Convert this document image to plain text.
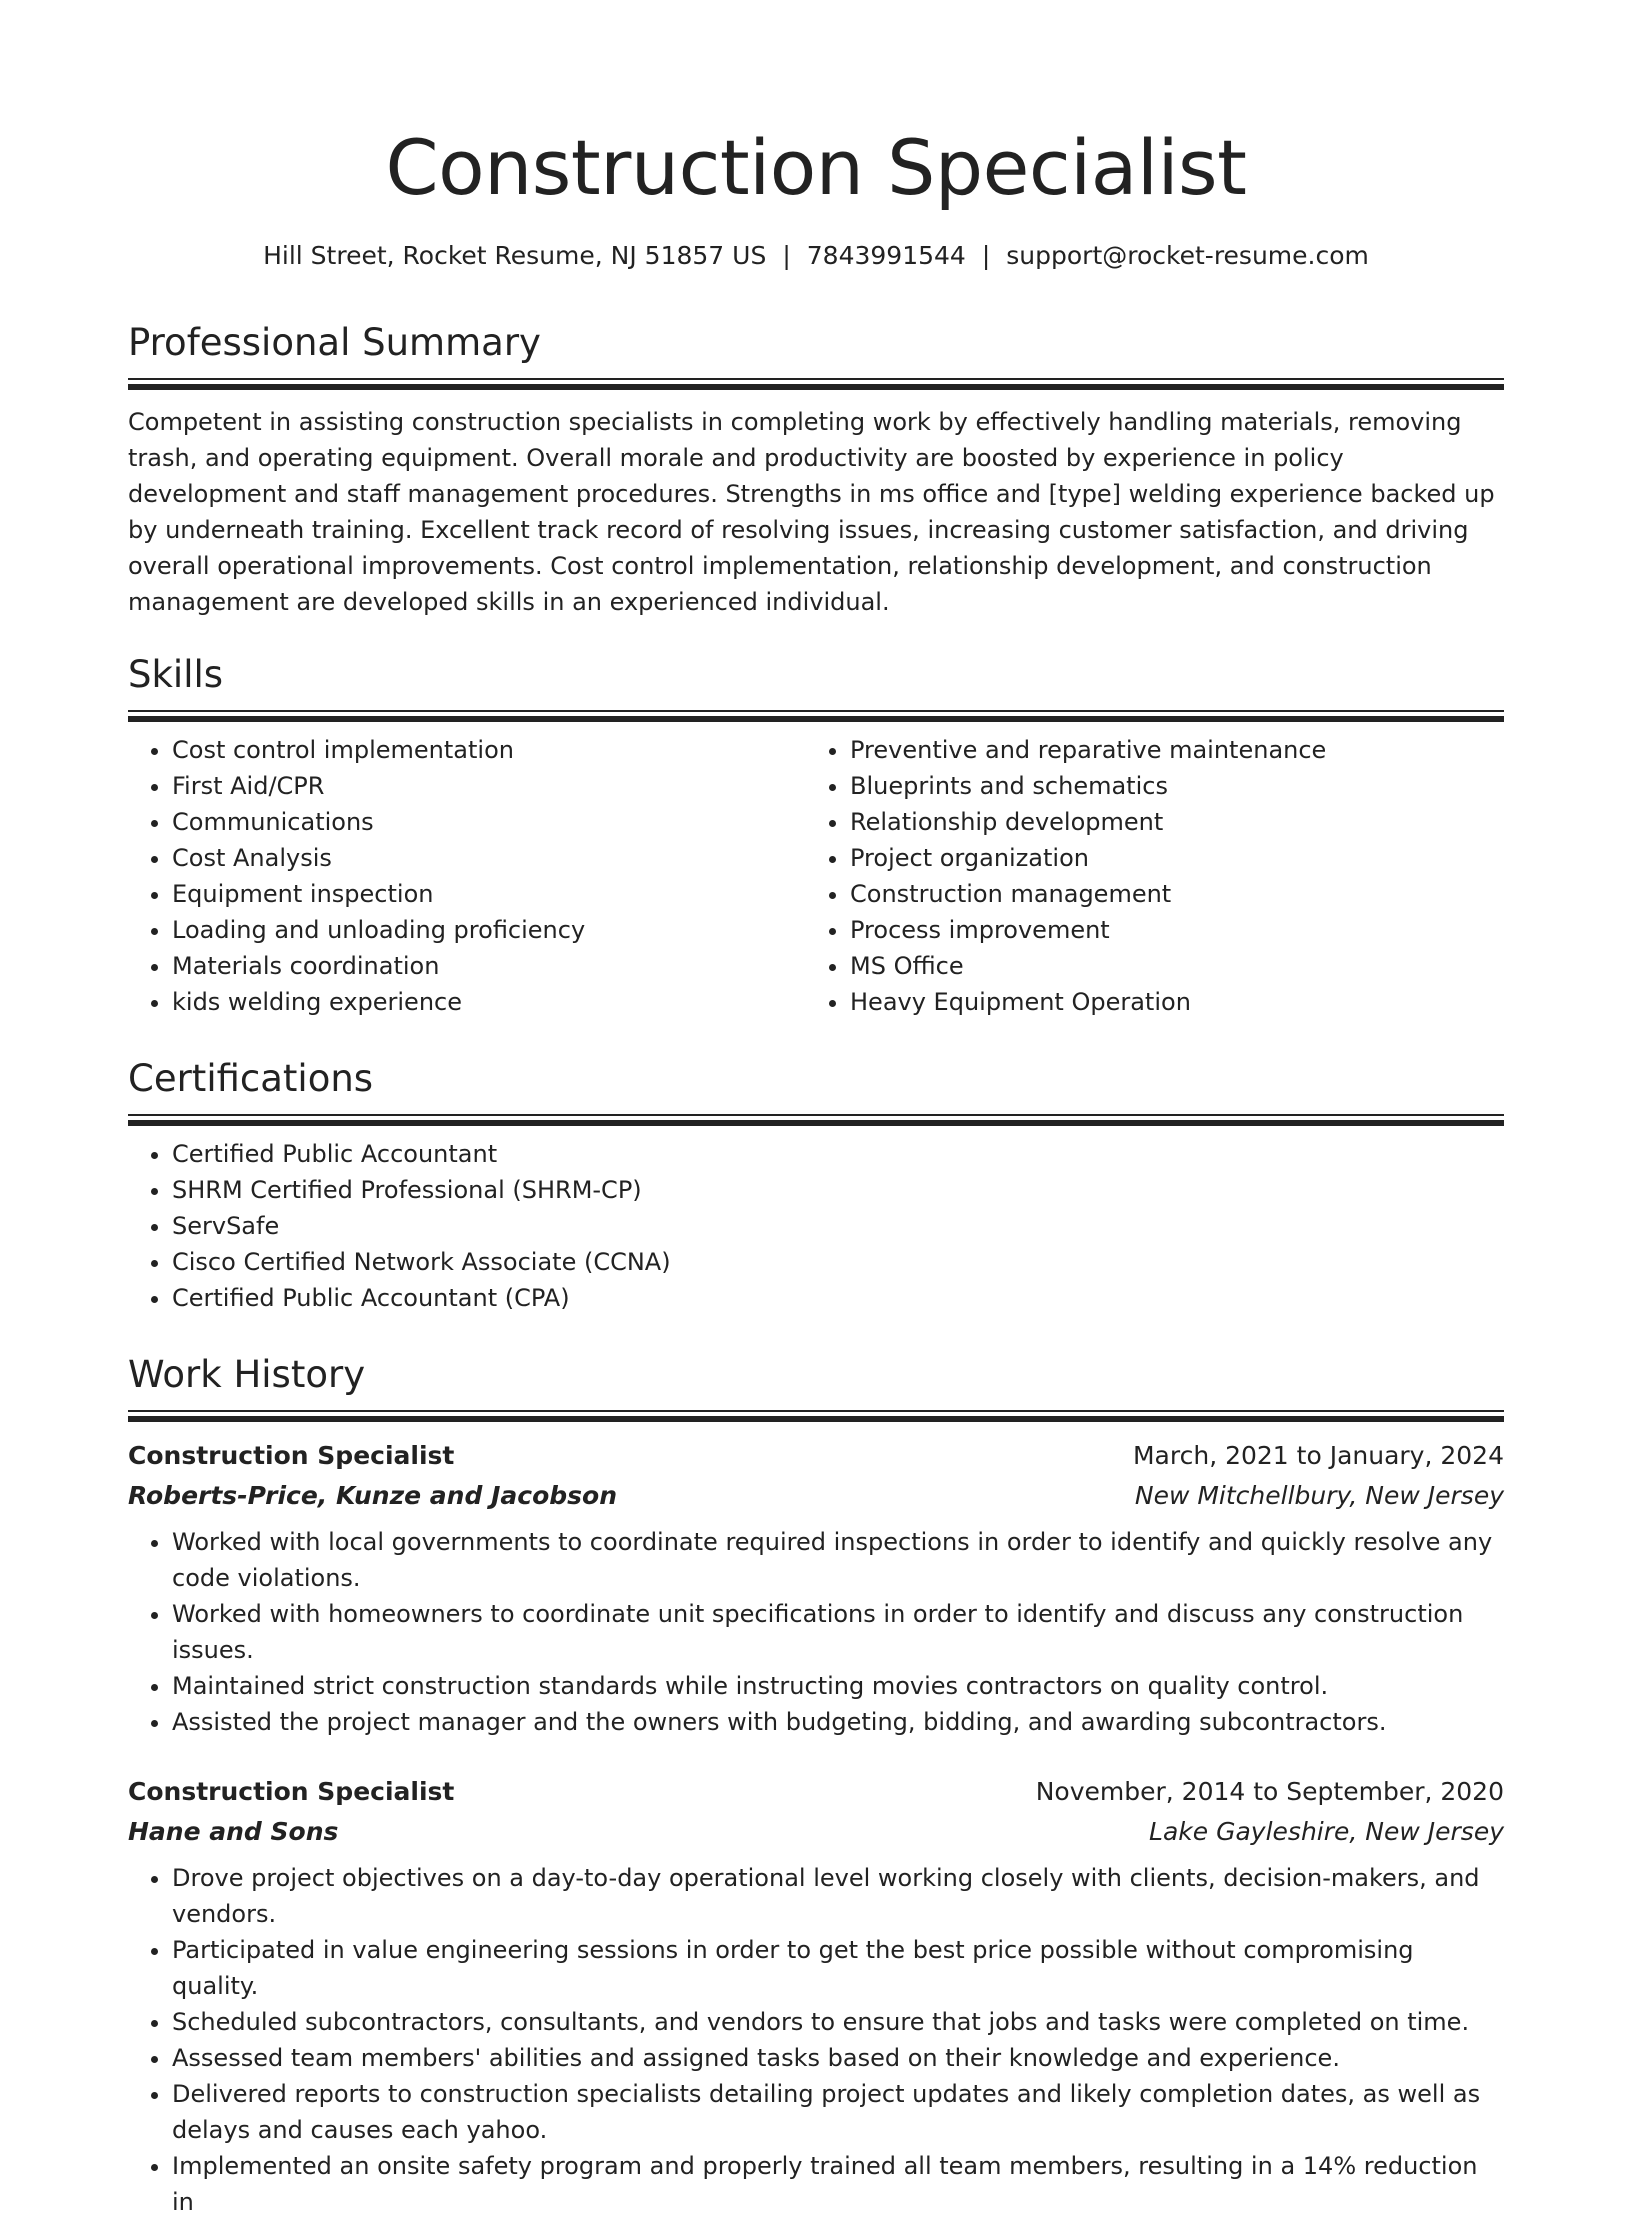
Construction Specialist
Hill Street, Rocket Resume, NJ 51857 US | 7843991544 | support@rocket-resume.com
Professional Summary
Competent in assisting construction specialists in completing work by effectively handling materials, removing trash, and operating equipment. Overall morale and productivity are boosted by experience in policy development and staff management procedures. Strengths in ms office and [type] welding experience backed up by underneath training. Excellent track record of resolving issues, increasing customer satisfaction, and driving overall operational improvements. Cost control implementation, relationship development, and construction management are developed skills in an experienced individual.
Skills
• Cost control implementation
• First Aid/CPR
• Communications
• Cost Analysis
• Equipment inspection
• Loading and unloading proficiency
• Materials coordination
• kids welding experience
• Preventive and reparative maintenance
• Blueprints and schematics
• Relationship development
• Project organization
• Construction management
• Process improvement
• MS Office
• Heavy Equipment Operation
Certifications
• Certified Public Accountant
• SHRM Certified Professional (SHRM-CP)
• ServSafe
• Cisco Certified Network Associate (CCNA)
• Certified Public Accountant (CPA)
Work History
Construction Specialist	March, 2021 to January, 2024
Roberts-Price, Kunze and Jacobson	New Mitchellbury, New Jersey
• Worked with local governments to coordinate required inspections in order to identify and quickly resolve any code violations.
• Worked with homeowners to coordinate unit specifications in order to identify and discuss any construction issues.
• Maintained strict construction standards while instructing movies contractors on quality control.
• Assisted the project manager and the owners with budgeting, bidding, and awarding subcontractors.
Construction Specialist	November, 2014 to September, 2020
Hane and Sons	Lake Gayleshire, New Jersey
• Drove project objectives on a day-to-day operational level working closely with clients, decision-makers, and vendors.
• Participated in value engineering sessions in order to get the best price possible without compromising quality.
• Scheduled subcontractors, consultants, and vendors to ensure that jobs and tasks were completed on time.
• Assessed team members' abilities and assigned tasks based on their knowledge and experience.
• Delivered reports to construction specialists detailing project updates and likely completion dates, as well as delays and causes each yahoo.
• Implemented an onsite safety program and properly trained all team members, resulting in a 14% reduction in
